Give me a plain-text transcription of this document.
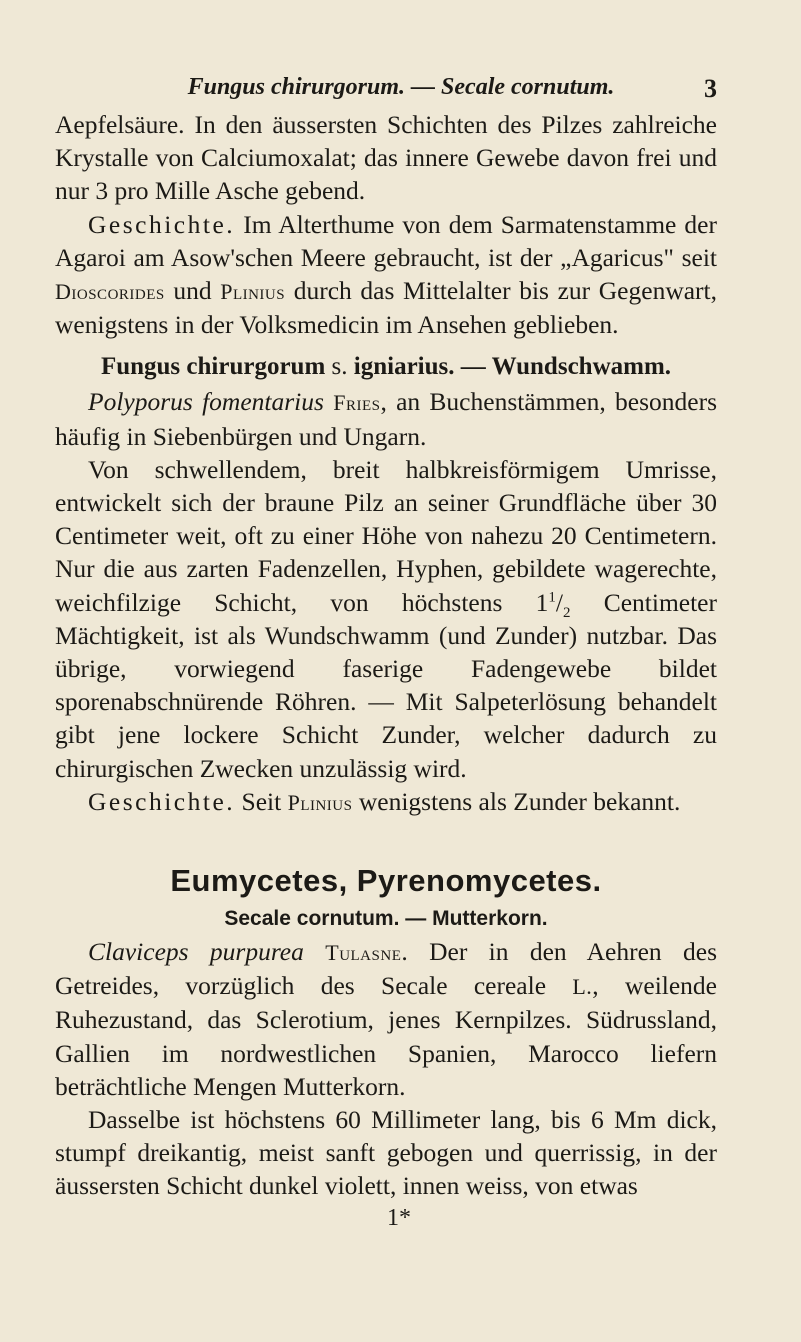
Fungus chirurgorum. — Secale cornutum.	3

Aepfelsäure. In den äussersten Schichten des Pilzes zahlreiche Krystalle von Calciumoxalat; das innere Gewebe davon frei und nur 3 pro Mille Asche gebend.

Geschichte. Im Alterthume von dem Sarmatenstamme der Agaroi am Asow'schen Meere gebraucht, ist der „Agaricus" seit Dioscorides und Plinius durch das Mittelalter bis zur Gegenwart, wenigstens in der Volksmedicin im Ansehen geblieben.

Fungus chirurgorum s. igniarius. — Wundschwamm.

Polyporus fomentarius Fries, an Buchenstämmen, besonders häufig in Siebenbürgen und Ungarn.

Von schwellendem, breit halbkreisförmigem Umrisse, entwickelt sich der braune Pilz an seiner Grundfläche über 30 Centimeter weit, oft zu einer Höhe von nahezu 20 Centimetern. Nur die aus zarten Fadenzellen, Hyphen, gebildete wagerechte, weichfilzige Schicht, von höchstens $1^1/_2$ Centimeter Mächtigkeit, ist als Wundschwamm (und Zunder) nutzbar. Das übrige, vorwiegend faserige Fadengewebe bildet sporenabschnürende Röhren. — Mit Salpeterlösung behandelt gibt jene lockere Schicht Zunder, welcher dadurch zu chirurgischen Zwecken unzulässig wird.

Geschichte. Seit Plinius wenigstens als Zunder bekannt.

Eumycetes, Pyrenomycetes.
Secale cornutum. — Mutterkorn.

Claviceps purpurea Tulasne. Der in den Aehren des Getreides, vorzüglich des Secale cereale L., weilende Ruhezustand, das Sclerotium, jenes Kernpilzes. Südrussland, Galliеn im nordwestlichen Spanien, Marocco liefern beträchtliche Mengen Mutterkorn.

Dasselbe ist höchstens 60 Millimeter lang, bis 6 Mm dick, stumpf dreikantig, meist sanft gebogen und querrissig, in der äussersten Schicht dunkel violett, innen weiss, von etwas

1*
